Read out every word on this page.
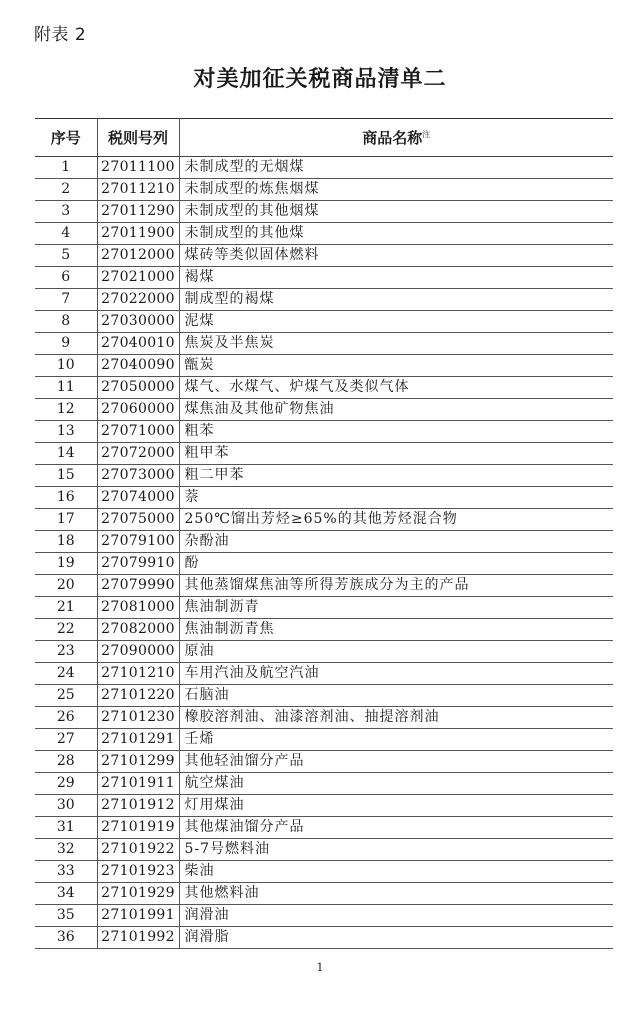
附表 2
对美加征关税商品清单二
序号	税则号列	商品名称$^注$
1	27011100	未制成型的无烟煤
2	27011210	未制成型的炼焦烟煤
3	27011290	未制成型的其他烟煤
4	27011900	未制成型的其他煤
5	27012000	煤砖等类似固体燃料
6	27021000	褐煤
7	27022000	制成型的褐煤
8	27030000	泥煤
9	27040010	焦炭及半焦炭
10	27040090	甑炭
11	27050000	煤气、水煤气、炉煤气及类似气体
12	27060000	煤焦油及其他矿物焦油
13	27071000	粗苯
14	27072000	粗甲苯
15	27073000	粗二甲苯
16	27074000	萘
17	27075000	250℃馏出芳烃≥65%的其他芳烃混合物
18	27079100	杂酚油
19	27079910	酚
20	27079990	其他蒸馏煤焦油等所得芳族成分为主的产品
21	27081000	焦油制沥青
22	27082000	焦油制沥青焦
23	27090000	原油
24	27101210	车用汽油及航空汽油
25	27101220	石脑油
26	27101230	橡胶溶剂油、油漆溶剂油、抽提溶剂油
27	27101291	壬烯
28	27101299	其他轻油馏分产品
29	27101911	航空煤油
30	27101912	灯用煤油
31	27101919	其他煤油馏分产品
32	27101922	5-7号燃料油
33	27101923	柴油
34	27101929	其他燃料油
35	27101991	润滑油
36	27101992	润滑脂
1
